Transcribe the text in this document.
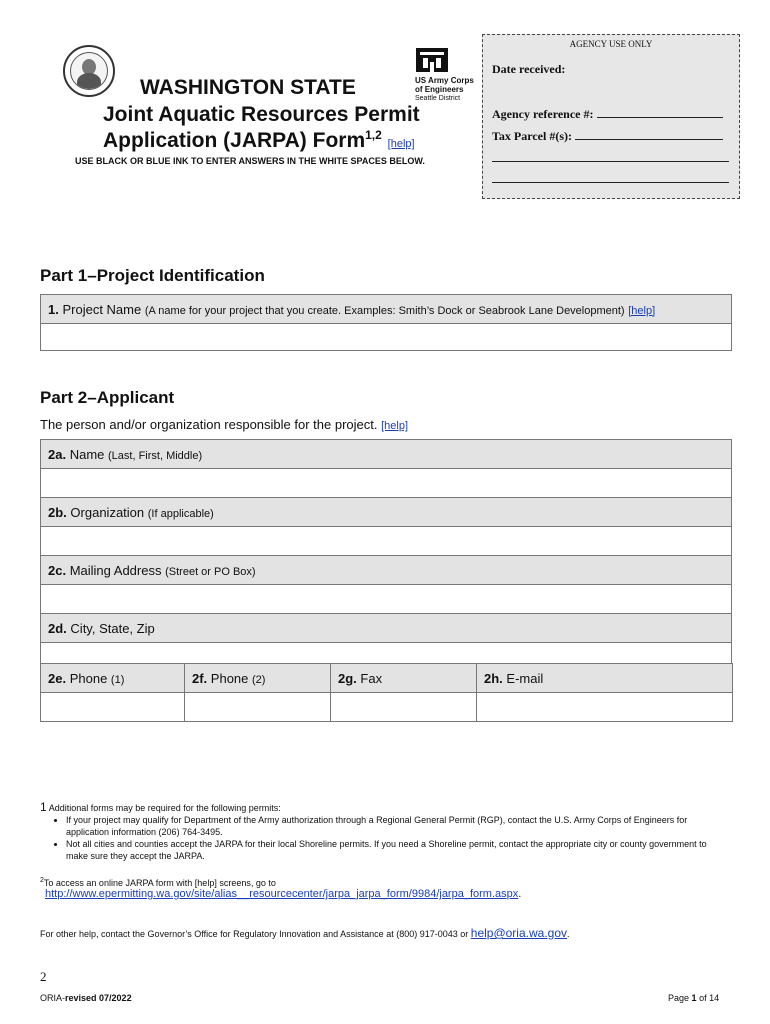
WASHINGTON STATE
Joint Aquatic Resources Permit
Application (JARPA) Form$^{1,2}$ [help]
USE BLACK OR BLUE INK TO ENTER ANSWERS IN THE WHITE SPACES BELOW.
US Army Corps
of Engineers
Seattle District
AGENCY USE ONLY
Date received:
Agency reference #:
Tax Parcel #(s):
Part 1–Project Identification
1. Project Name (A name for your project that you create. Examples: Smith’s Dock or Seabrook Lane Development) [help]

Part 2–Applicant
The person and/or organization responsible for the project. [help]
2a. Name (Last, First, Middle)

2b. Organization (If applicable)

2c. Mailing Address (Street or PO Box)

2d. City, State, Zip

2e. Phone (1)	2f. Phone (2)	2g. Fax	2h. E-mail

1 Additional forms may be required for the following permits:
• If your project may qualify for Department of the Army authorization through a Regional General Permit (RGP), contact the U.S. Army Corps of Engineers for application information (206) 764-3495.
• Not all cities and counties accept the JARPA for their local Shoreline permits. If you need a Shoreline permit, contact the appropriate city or county government to make sure they accept the JARPA.
$^2$To access an online JARPA form with [help] screens, go to
http://www.epermitting.wa.gov/site/alias__resourcecenter/jarpa_jarpa_form/9984/jarpa_form.aspx.
For other help, contact the Governor’s Office for Regulatory Innovation and Assistance at (800) 917-0043 or help@oria.wa.gov.
2
ORIA-revised 07/2022	Page 1 of 14
